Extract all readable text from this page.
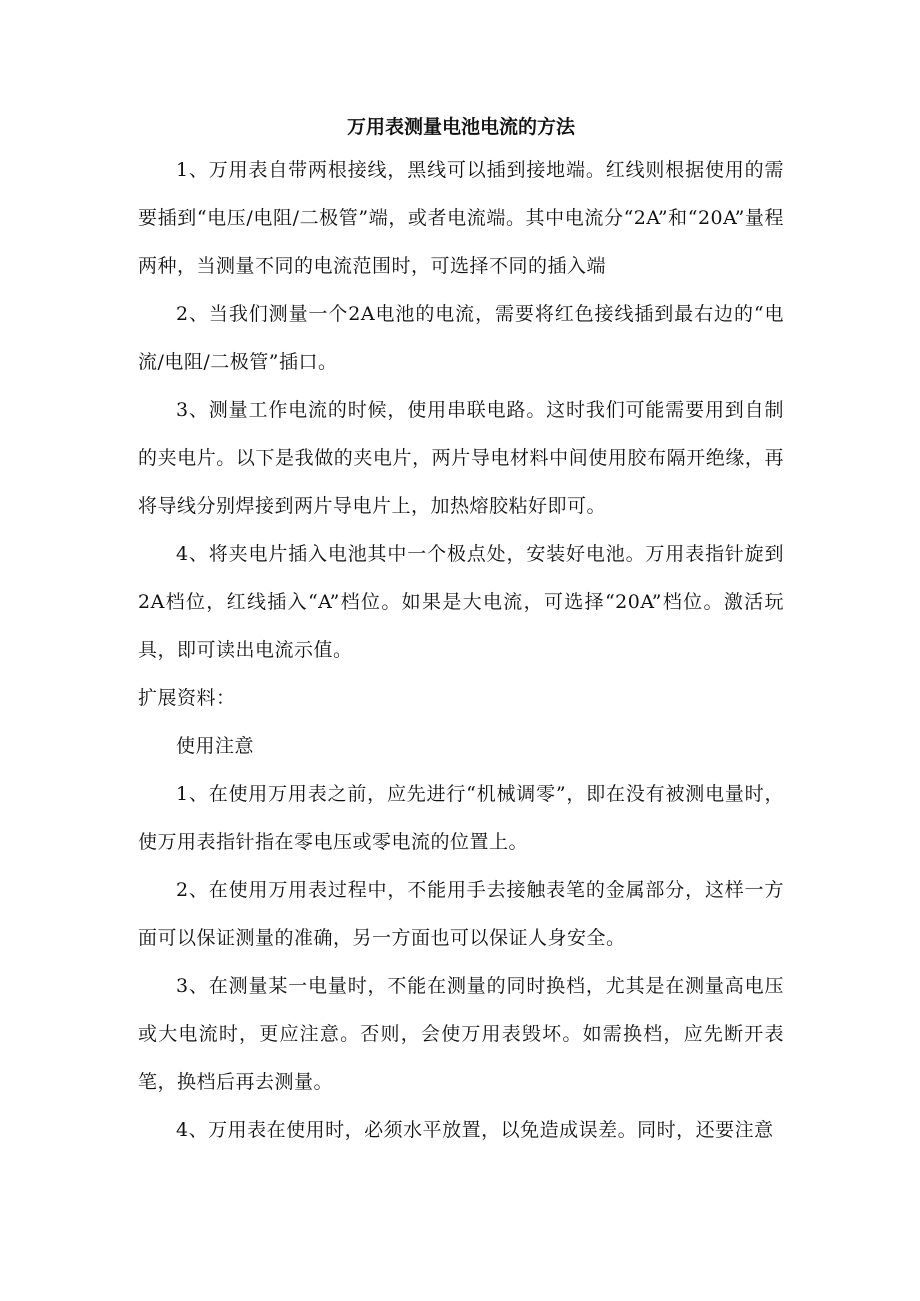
万用表测量电池电流的方法

1、万用表自带两根接线，黑线可以插到接地端。红线则根据使用的需要插到“电压/电阻/二极管”端，或者电流端。其中电流分“2A”和“20A”量程两种，当测量不同的电流范围时，可选择不同的插入端

2、当我们测量一个2A电池的电流，需要将红色接线插到最右边的“电流/电阻/二极管”插口。

3、测量工作电流的时候，使用串联电路。这时我们可能需要用到自制的夹电片。以下是我做的夹电片，两片导电材料中间使用胶布隔开绝缘，再将导线分别焊接到两片导电片上，加热熔胶粘好即可。

4、将夹电片插入电池其中一个极点处，安装好电池。万用表指针旋到2A档位，红线插入“A”档位。如果是大电流，可选择“20A”档位。激活玩具，即可读出电流示值。

扩展资料：

使用注意

1、在使用万用表之前，应先进行“机械调零”，即在没有被测电量时，使万用表指针指在零电压或零电流的位置上。

2、在使用万用表过程中，不能用手去接触表笔的金属部分，这样一方面可以保证测量的准确，另一方面也可以保证人身安全。

3、在测量某一电量时，不能在测量的同时换档，尤其是在测量高电压或大电流时，更应注意。否则，会使万用表毁坏。如需换档，应先断开表笔，换档后再去测量。

4、万用表在使用时，必须水平放置，以免造成误差。同时，还要注意
